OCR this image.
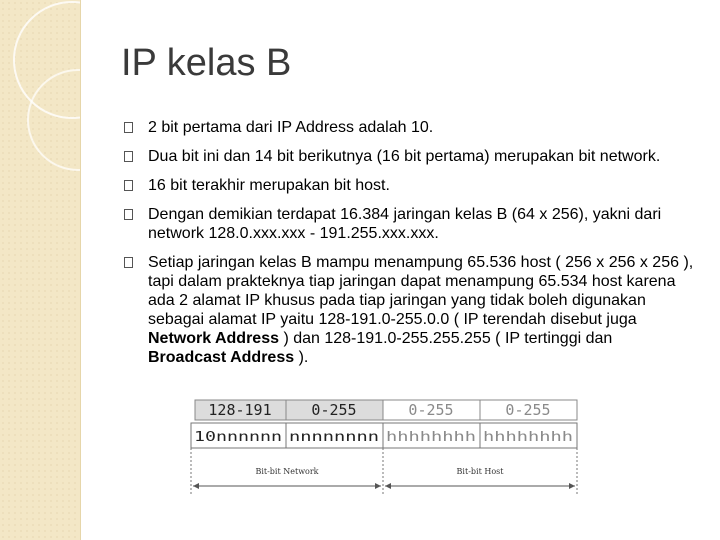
IP kelas B
2 bit pertama dari IP Address adalah 10.
Dua bit ini dan 14 bit berikutnya (16 bit pertama) merupakan bit network.
16 bit terakhir merupakan bit host.
Dengan demikian terdapat 16.384 jaringan kelas B (64 x 256), yakni dari network 128.0.xxx.xxx - 191.255.xxx.xxx.
Setiap jaringan kelas B mampu menampung 65.536 host ( 256 x 256 x 256 ), tapi dalam prakteknya tiap jaringan dapat menampung 65.534 host karena ada 2 alamat IP khusus pada tiap jaringan yang tidak boleh digunakan sebagai alamat IP yaitu 128-191.0-255.0.0 ( IP terendah disebut juga Network Address ) dan 128-191.0-255.255.255 ( IP tertinggi dan Broadcast Address ).
128-191	0-255	0-255	0-255
10nnnnnn nnnnnnnn hhhhhhhh hhhhhhhh
Bit-bit Network	Bit-bit Host
